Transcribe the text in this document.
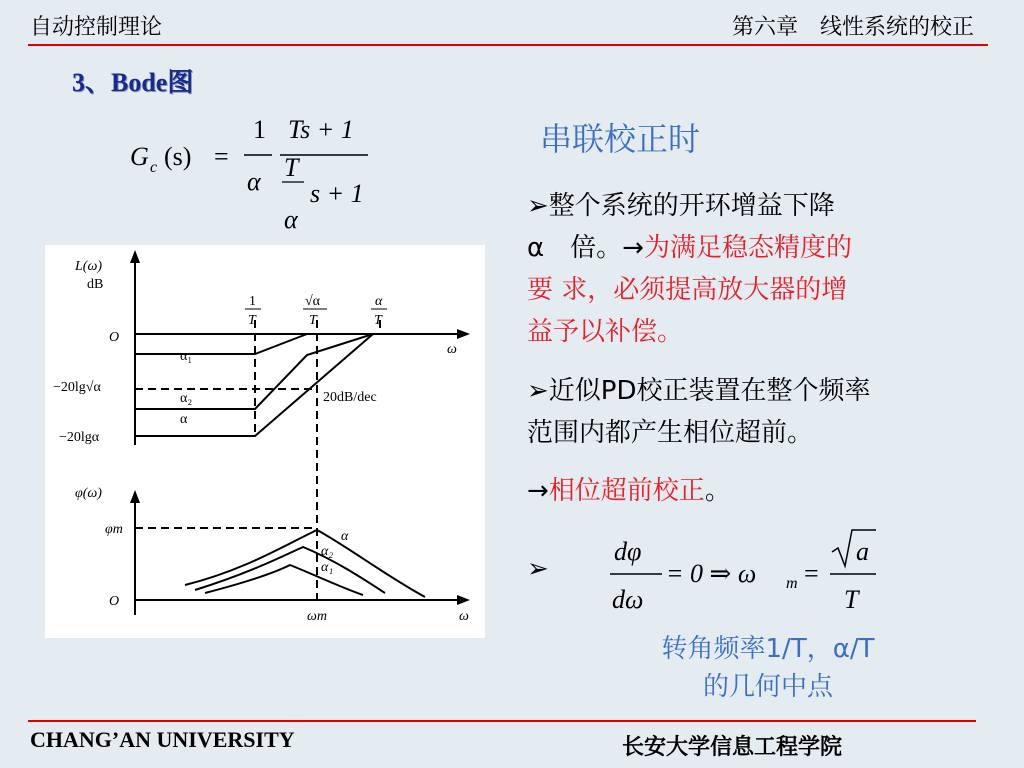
自动控制理论	第六章　线性系统的校正
3、Bode图
G c (s) =
1
α
Ts + 1
T
α
s + 1
L(ω)
dB
1
T
√α
T
α
T
O
ω
α₁
α₂
α
−20lg√α
−20lgα
20dB/dec
φ(ω)
φm	α
α₂
α₁
O
ωm	ω
串联校正时
➢整个系统的开环增益下降
α　倍。→为满足稳态精度的
要 求，必须提高放大器的增
益予以补偿。
➢近似PD校正装置在整个频率
范围内都产生相位超前。
→相位超前校正。
➢
dφ
dω
= 0 ⇒ ω m =
a
T
转角频率1/T，α/T
的几何中点
CHANG’AN UNIVERSITY	长安大学信息工程学院
